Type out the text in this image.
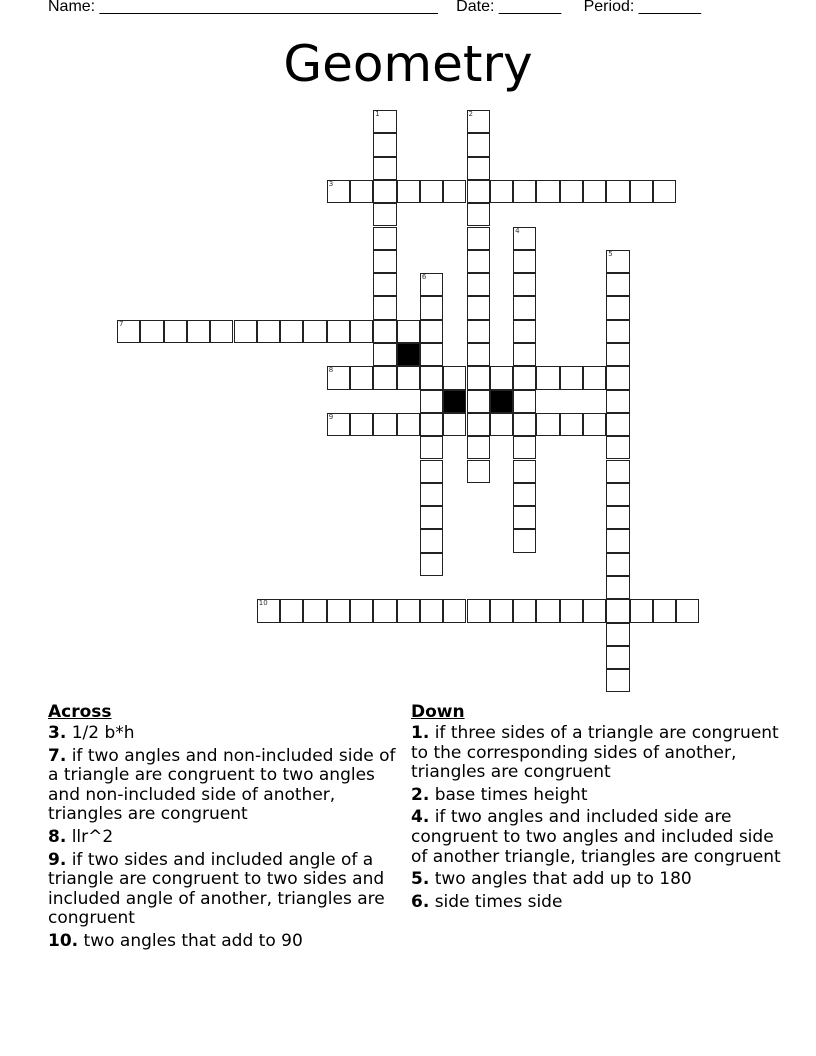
Name: ______________________________________ Date: _______ Period: _______
Geometry
1	2
3
4
5
6
7
8
9
10
Across
3. 1/2 b*h
7. if two angles and non-included side of a triangle are congruent to two angles and non-included side of another, triangles are congruent
8. llr^2
9. if two sides and included angle of a triangle are congruent to two sides and included angle of another, triangles are congruent
10. two angles that add to 90
Down
1. if three sides of a triangle are congruent to the corresponding sides of another, triangles are congruent
2. base times height
4. if two angles and included side are congruent to two angles and included side of another triangle, triangles are congruent
5. two angles that add up to 180
6. side times side
